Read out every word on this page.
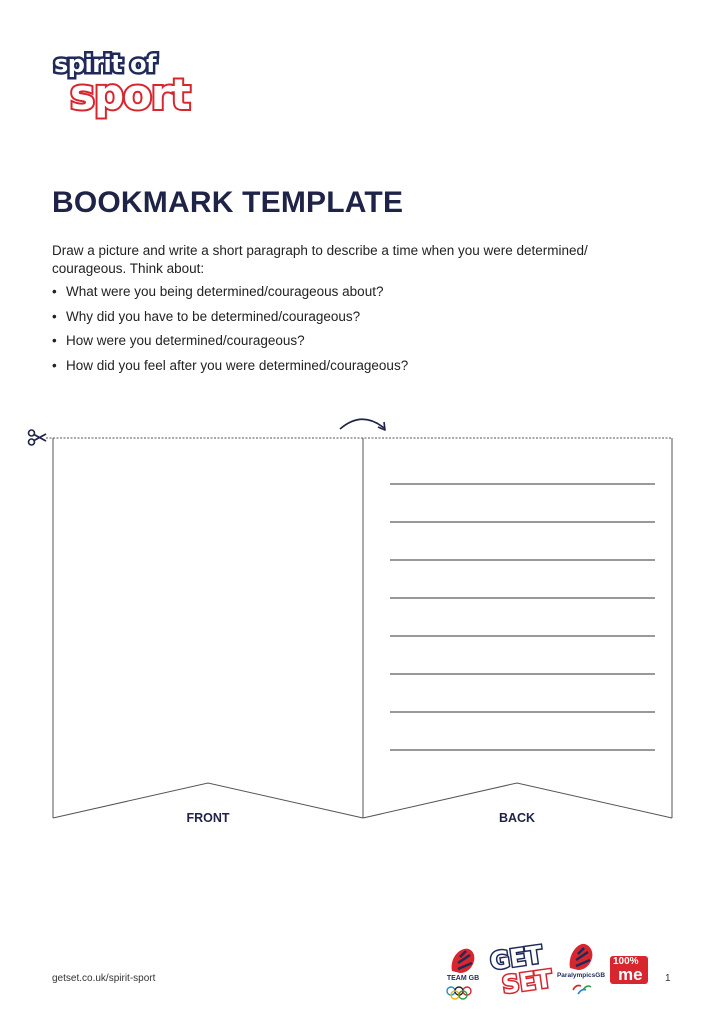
spirit of
sport
BOOKMARK TEMPLATE

Draw a picture and write a short paragraph to describe a time when you were determined/ courageous. Think about:

• What were you being determined/courageous about?
• Why did you have to be determined/courageous?
• How were you determined/courageous?
• How did you feel after you were determined/courageous?
FRONT	BACK
getset.co.uk/spirit-sport	TEAM GB
GET
SET ParalympicsGB
100%
me 1
